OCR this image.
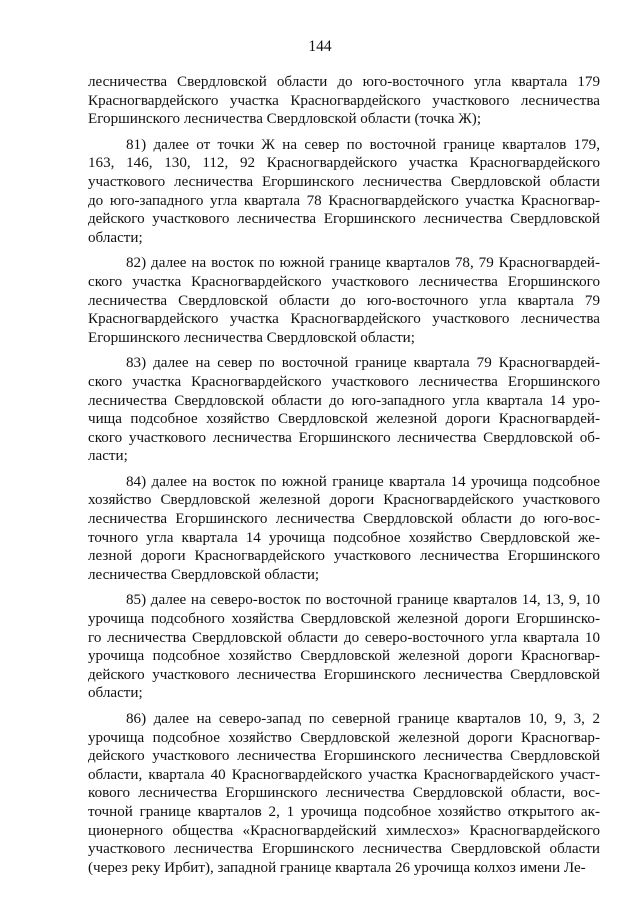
144
лесничества Свердловской области до юго-восточного угла квартала 179
Красногвардейского участка Красногвардейского участкового лесничества
Егоршинского лесничества Свердловской области (точка Ж);
81) далее от точки Ж на север по восточной границе кварталов 179,
163, 146, 130, 112, 92 Красногвардейского участка Красногвардейского
участкового лесничества Егоршинского лесничества Свердловской области
до юго-западного угла квартала 78 Красногвардейского участка Красногвар-
дейского участкового лесничества Егоршинского лесничества Свердловской
области;
82) далее на восток по южной границе кварталов 78, 79 Красногвардей-
ского участка Красногвардейского участкового лесничества Егоршинского
лесничества Свердловской области до юго-восточного угла квартала 79
Красногвардейского участка Красногвардейского участкового лесничества
Егоршинского лесничества Свердловской области;
83) далее на север по восточной границе квартала 79 Красногвардей-
ского участка Красногвардейского участкового лесничества Егоршинского
лесничества Свердловской области до юго-западного угла квартала 14 уро-
чища подсобное хозяйство Свердловской железной дороги Красногвардей-
ского участкового лесничества Егоршинского лесничества Свердловской об-
ласти;
84) далее на восток по южной границе квартала 14 урочища подсобное
хозяйство Свердловской железной дороги Красногвардейского участкового
лесничества Егоршинского лесничества Свердловской области до юго-вос-
точного угла квартала 14 урочища подсобное хозяйство Свердловской же-
лезной дороги Красногвардейского участкового лесничества Егоршинского
лесничества Свердловской области;
85) далее на северо-восток по восточной границе кварталов 14, 13, 9, 10
урочища подсобного хозяйства Свердловской железной дороги Егоршинско-
го лесничества Свердловской области до северо-восточного угла квартала 10
урочища подсобное хозяйство Свердловской железной дороги Красногвар-
дейского участкового лесничества Егоршинского лесничества Свердловской
области;
86) далее на северо-запад по северной границе кварталов 10, 9, 3, 2
урочища подсобное хозяйство Свердловской железной дороги Красногвар-
дейского участкового лесничества Егоршинского лесничества Свердловской
области, квартала 40 Красногвардейского участка Красногвардейского участ-
кового лесничества Егоршинского лесничества Свердловской области, вос-
точной границе кварталов 2, 1 урочища подсобное хозяйство открытого ак-
ционерного общества «Красногвардейский химлесхоз» Красногвардейского
участкового лесничества Егоршинского лесничества Свердловской области
(через реку Ирбит), западной границе квартала 26 урочища колхоз имени Ле-
